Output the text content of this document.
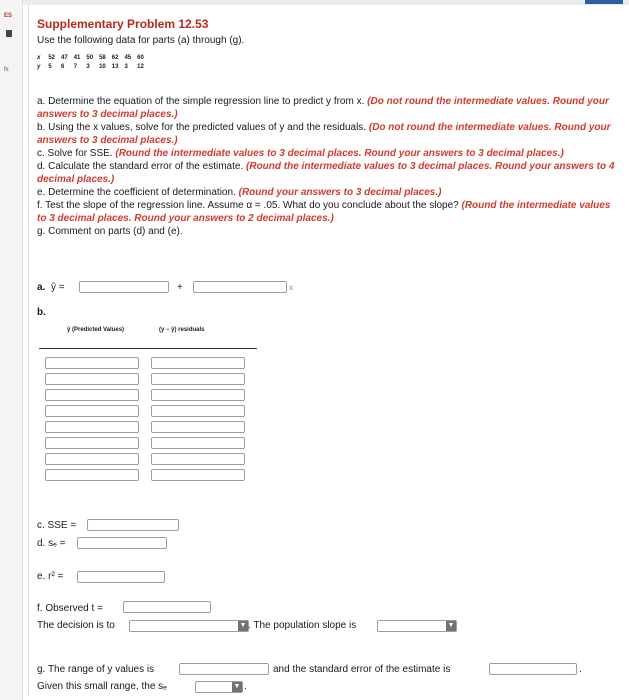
ES
fx
Supplementary Problem 12.53
Use the following data for parts (a) through (g).
x	52	47	41	50	58	62	45	60
y	5	6	7	3	10	13	3	12

a. Determine the equation of the simple regression line to predict y from x. (Do not round the intermediate values. Round your answers to 3 decimal places.)

b. Using the x values, solve for the predicted values of y and the residuals. (Do not round the intermediate values. Round your answers to 3 decimal places.)

c. Solve for SSE. (Round the intermediate values to 3 decimal places. Round your answers to 3 decimal places.)

d. Calculate the standard error of the estimate. (Round the intermediate values to 3 decimal places. Round your answers to 4 decimal places.)

e. Determine the coefficient of determination. (Round your answers to 3 decimal places.)

f. Test the slope of the regression line. Assume α = .05. What do you conclude about the slope? (Round the intermediate values to 3 decimal places. Round your answers to 2 decimal places.)

g. Comment on parts (d) and (e).

a. ŷ =	+	x
b.
ŷ (Predicted Values)	(y − ŷ) residuals
c. SSE =
d. sₑ =
e. r² =
f. Observed t =
The decision is to	▼ . The population slope is	▼
g. The range of y values is	and the standard error of the estimate is	.
Given this small range, the sₑ	▼ .
